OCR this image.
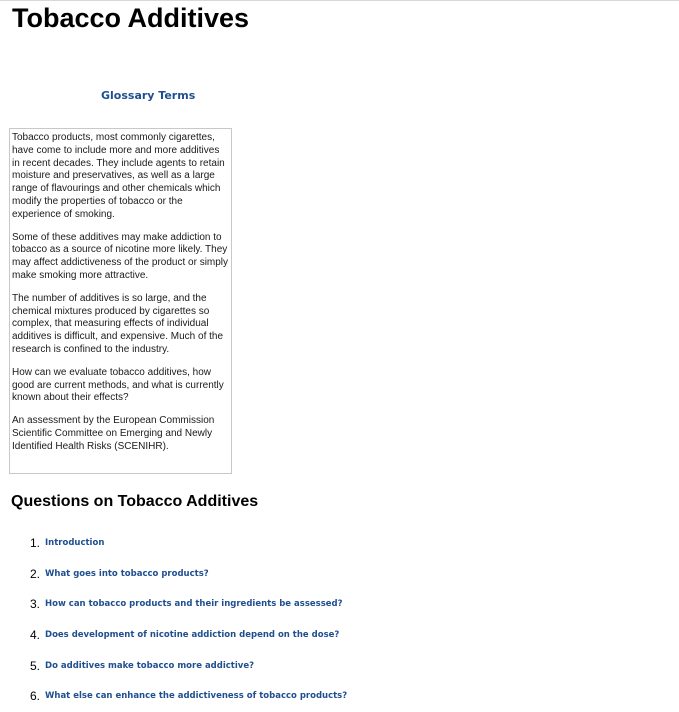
Tobacco Additives
Glossary Terms

Tobacco products, most commonly cigarettes, have come to include more and more additives in recent decades. They include agents to retain moisture and preservatives, as well as a large range of flavourings and other chemicals which modify the properties of tobacco or the experience of smoking.

Some of these additives may make addiction to tobacco as a source of nicotine more likely. They may affect addictiveness of the product or simply make smoking more attractive.

The number of additives is so large, and the chemical mixtures produced by cigarettes so complex, that measuring effects of individual additives is difficult, and expensive. Much of the research is confined to the industry.

How can we evaluate tobacco additives, how good are current methods, and what is currently known about their effects?

An assessment by the European Commission Scientific Committee on Emerging and Newly Identified Health Risks (SCENIHR).

Questions on Tobacco Additives
1. Introduction
2. What goes into tobacco products?
3. How can tobacco products and their ingredients be assessed?
4. Does development of nicotine addiction depend on the dose?
5. Do additives make tobacco more addictive?
6. What else can enhance the addictiveness of tobacco products?
